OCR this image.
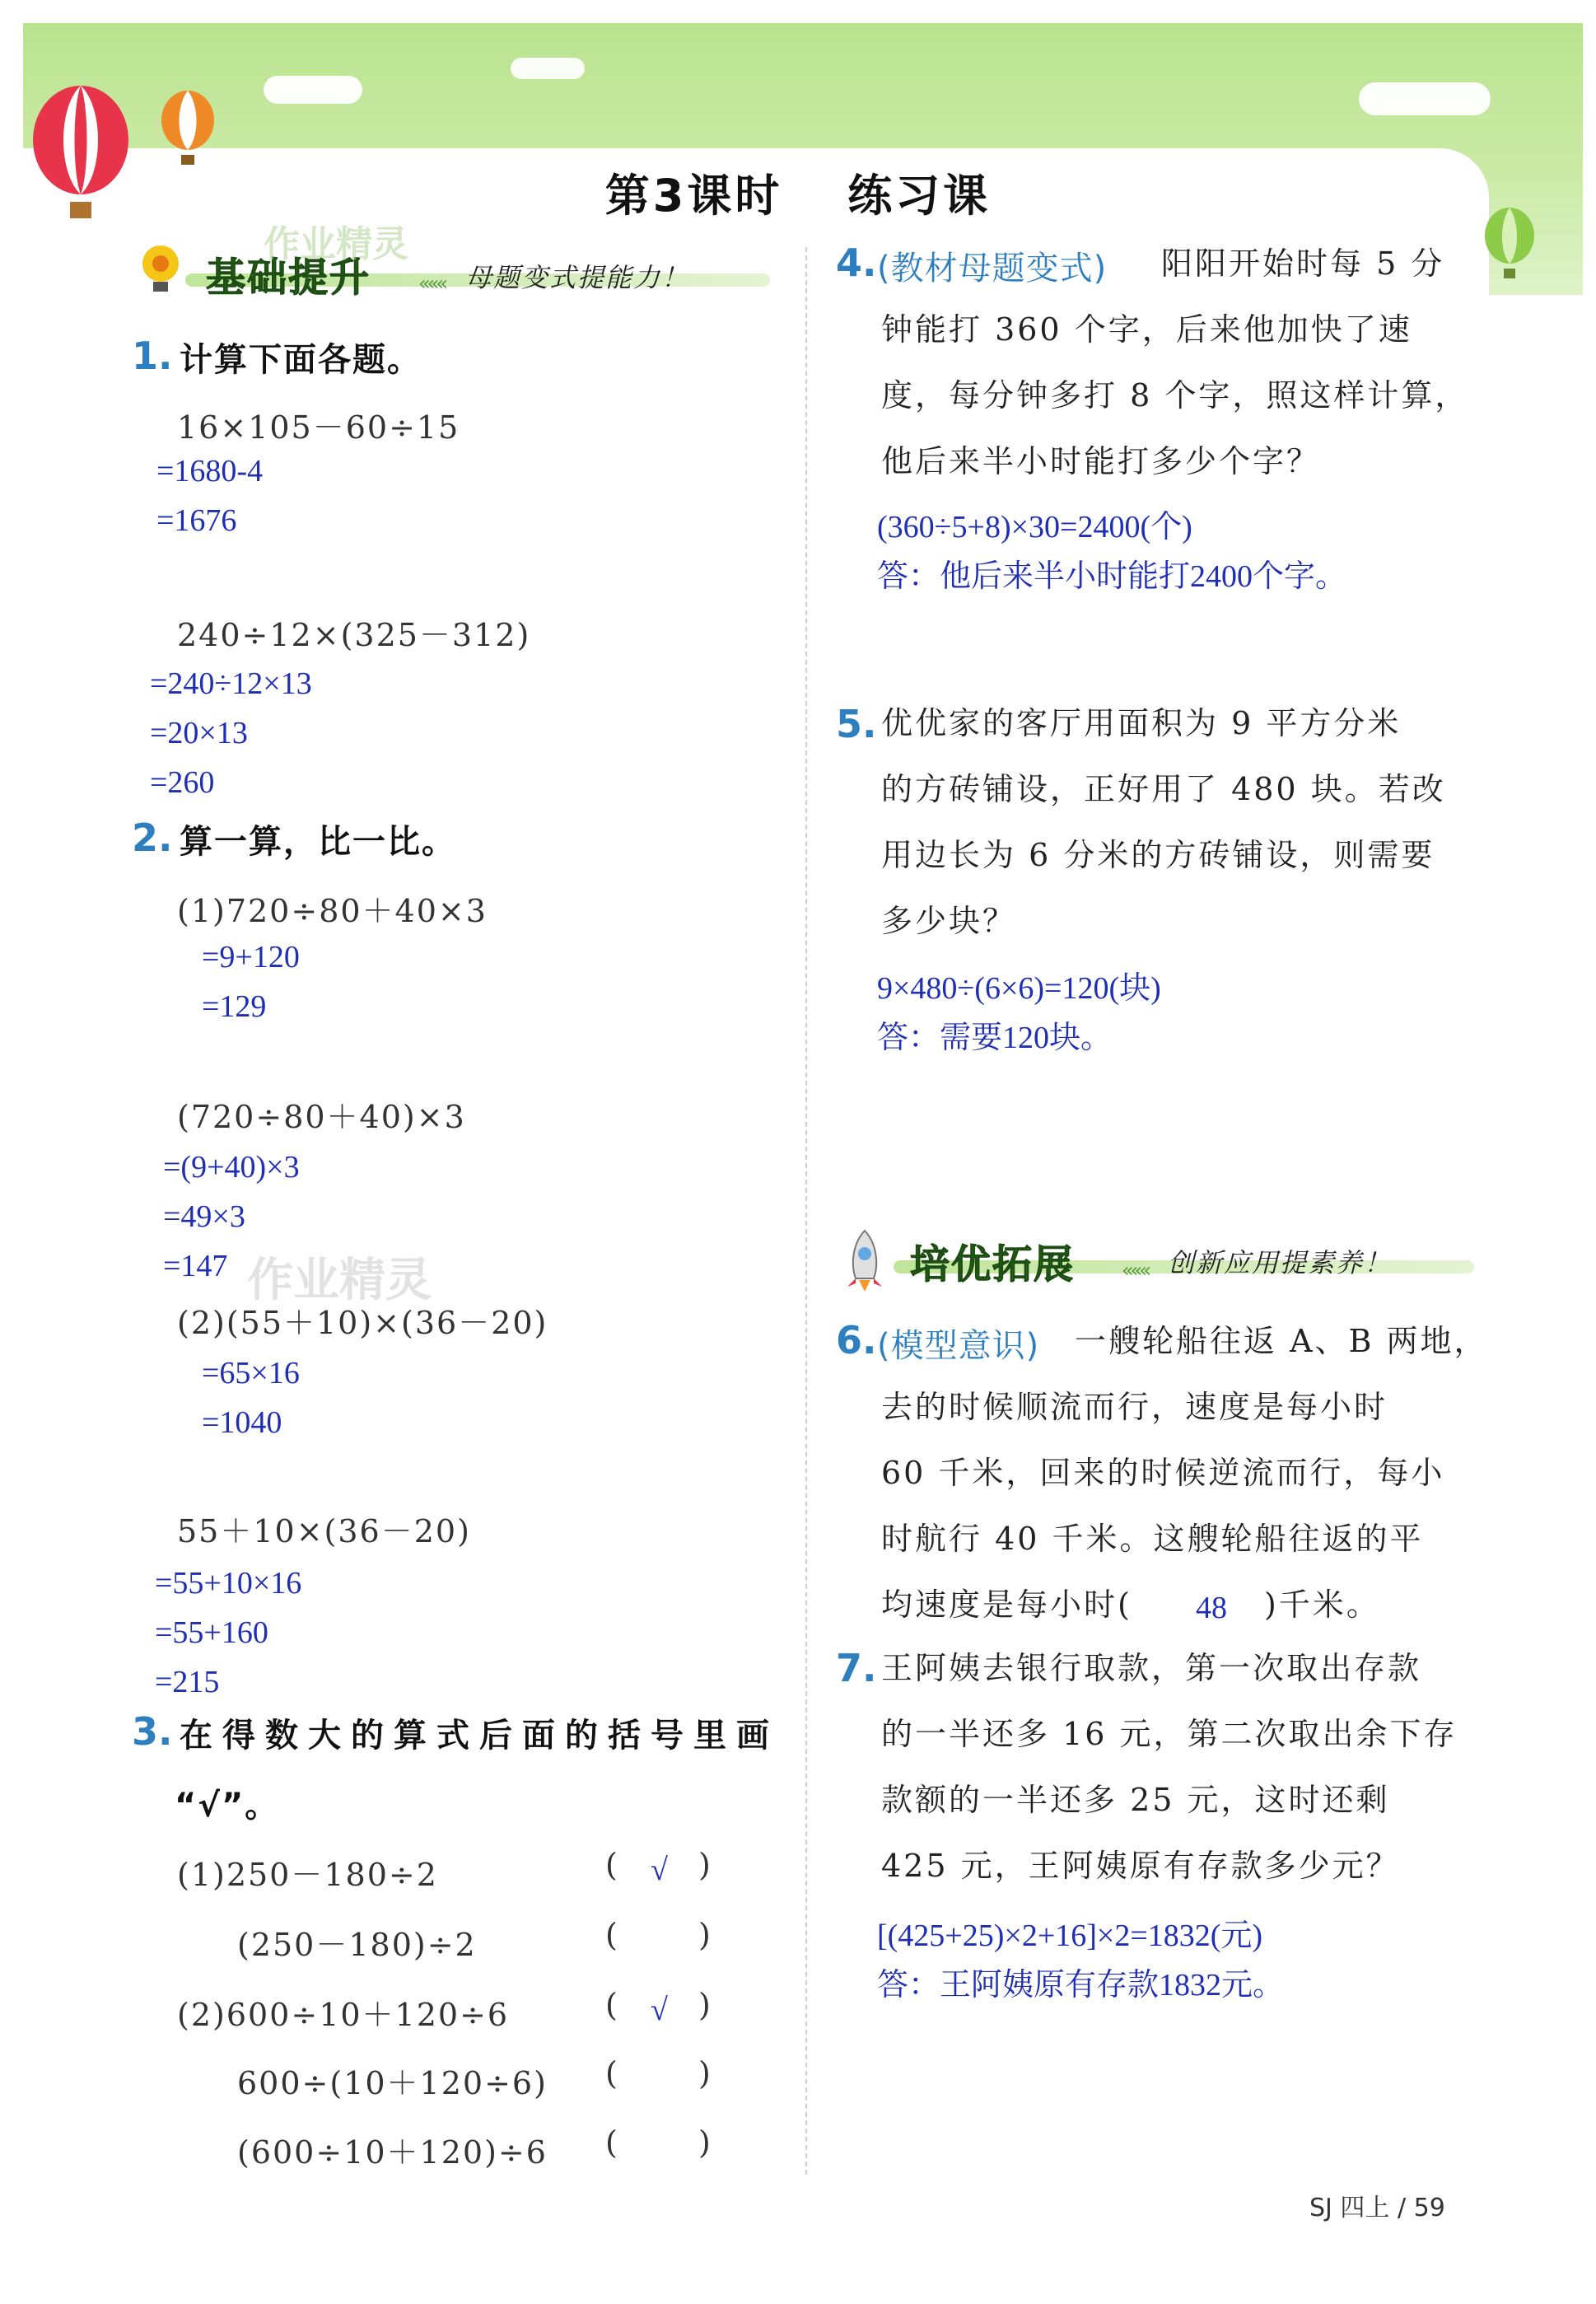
第3课时 练习课
基础提升 ««« 母题变式提能力！
1. 计算下面各题。
16×105－60÷15
=1680-4
=1676
240÷12×(325－312)
=240÷12×13
=20×13
=260
2. 算一算，比一比。
(1)720÷80＋40×3
=9+120
=129
(720÷80＋40)×3
=(9+40)×3
=49×3
=147
(2)(55＋10)×(36－20)
=65×16
=1040
55＋10×(36－20)
=55+10×16
=55+160
=215
作业精灵
作业精灵
3. 在得数大的算式后面的括号里画
“√”。
(1)250－180÷2	( √ )
(250－180)÷2	(	)
(2)600÷10＋120÷6	( √ )
600÷(10＋120÷6) (	)
(600÷10＋120)÷6 (	)
4. (教材母题变式) 阳阳开始时每 5 分
钟能打 360 个字，后来他加快了速
度，每分钟多打 8 个字，照这样计算，
他后来半小时能打多少个字？
(360÷5+8)×30=2400(个)
答：他后来半小时能打2400个字。
5. 优优家的客厅用面积为 9 平方分米
的方砖铺设，正好用了 480 块。若改
用边长为 6 分米的方砖铺设，则需要
多少块？
9×480÷(6×6)=120(块)
答：需要120块。
培优拓展 ««« 创新应用提素养！
6. (模型意识) 一艘轮船往返 A、B 两地，
去的时候顺流而行，速度是每小时
60 千米，回来的时候逆流而行，每小
时航行 40 千米。这艘轮船往返的平
均速度是每小时( 48 )千米。
7. 王阿姨去银行取款，第一次取出存款
的一半还多 16 元，第二次取出余下存
款额的一半还多 25 元，这时还剩
425 元，王阿姨原有存款多少元？
[(425+25)×2+16]×2=1832(元)
答：王阿姨原有存款1832元。
SJ 四上 / 59
